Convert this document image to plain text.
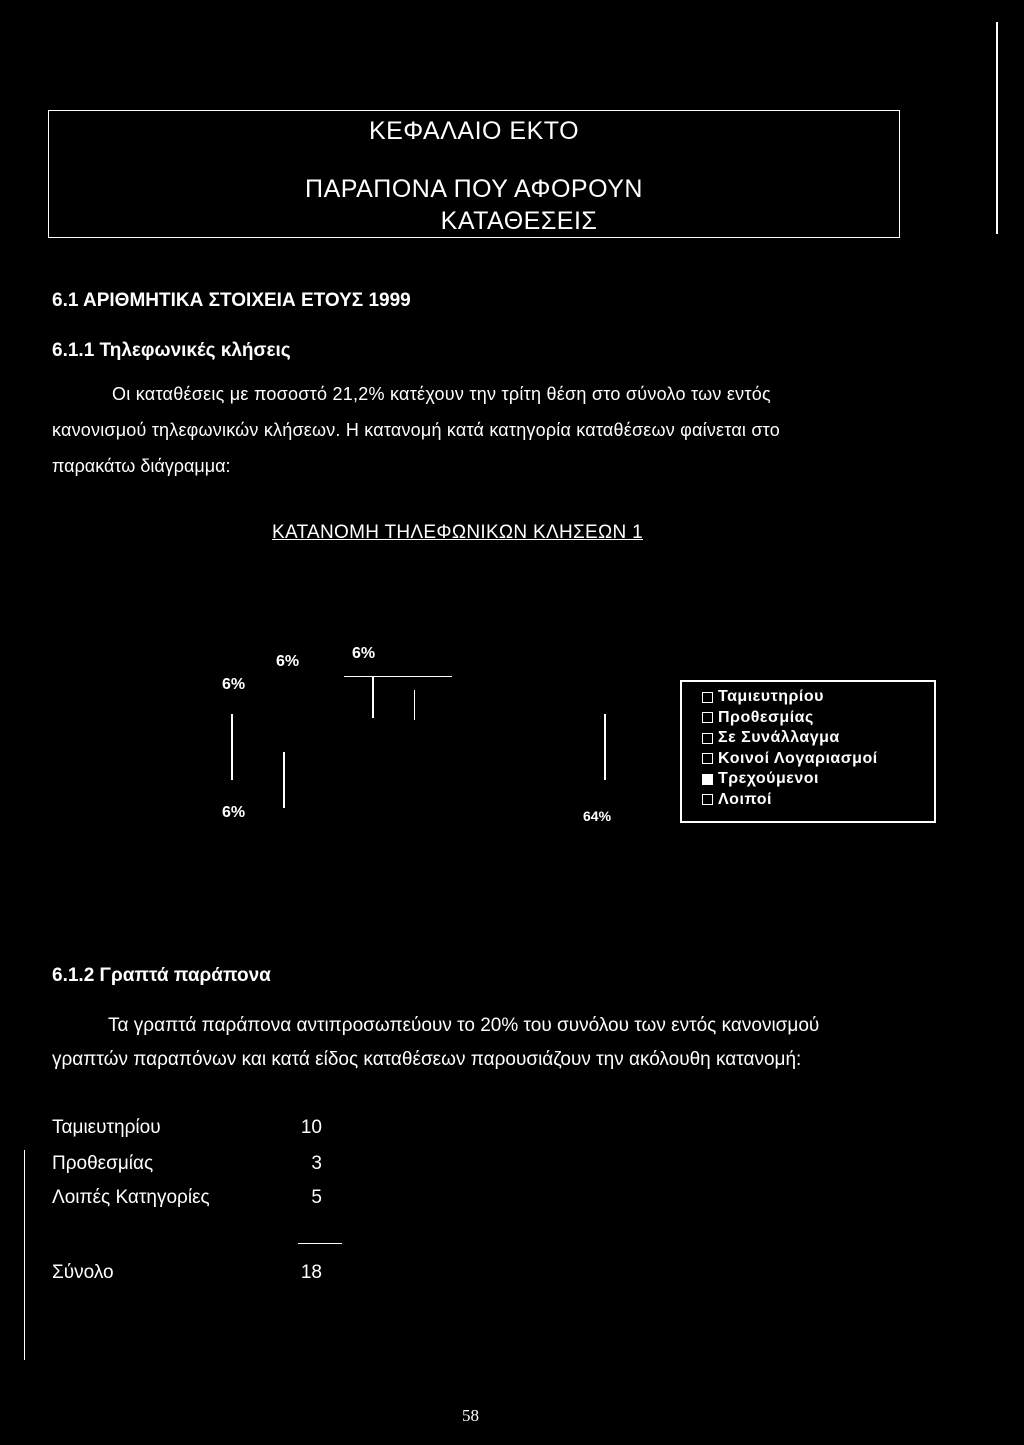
ΚΕΦΑΛΑΙΟ ΕΚΤΟ
ΠΑΡΑΠΟΝΑ ΠΟΥ ΑΦΟΡΟΥΝ
ΚΑΤΑΘΕΣΕΙΣ
6.1 ΑΡΙΘΜΗΤΙΚΑ ΣΤΟΙΧΕΙΑ ΕΤΟΥΣ 1999
6.1.1 Τηλεφωνικές κλήσεις
Οι καταθέσεις με ποσοστό 21,2% κατέχουν την τρίτη θέση στο σύνολο των εντός
κανονισμού τηλεφωνικών κλήσεων. Η κατανομή κατά κατηγορία καταθέσεων φαίνεται στο
παρακάτω διάγραμμα:
ΚΑΤΑΝΟΜΗ ΤΗΛΕΦΩΝΙΚΩΝ ΚΛΗΣΕΩΝ 1
6%
6%	6%
6%	64%
Ταμιευτηρίου
Προθεσμίας
Σε Συνάλλαγμα
Κοινοί Λογαριασμοί
Τρεχούμενοι
Λοιποί
6.1.2 Γραπτά παράπονα
Τα γραπτά παράπονα αντιπροσωπεύουν το 20% του συνόλου των εντός κανονισμού
γραπτών παραπόνων και κατά είδος καταθέσεων παρουσιάζουν την ακόλουθη κατανομή:
Ταμιευτηρίου	10
Προθεσμίας	3
Λοιπές Κατηγορίες	5
Σύνολο	18
58
